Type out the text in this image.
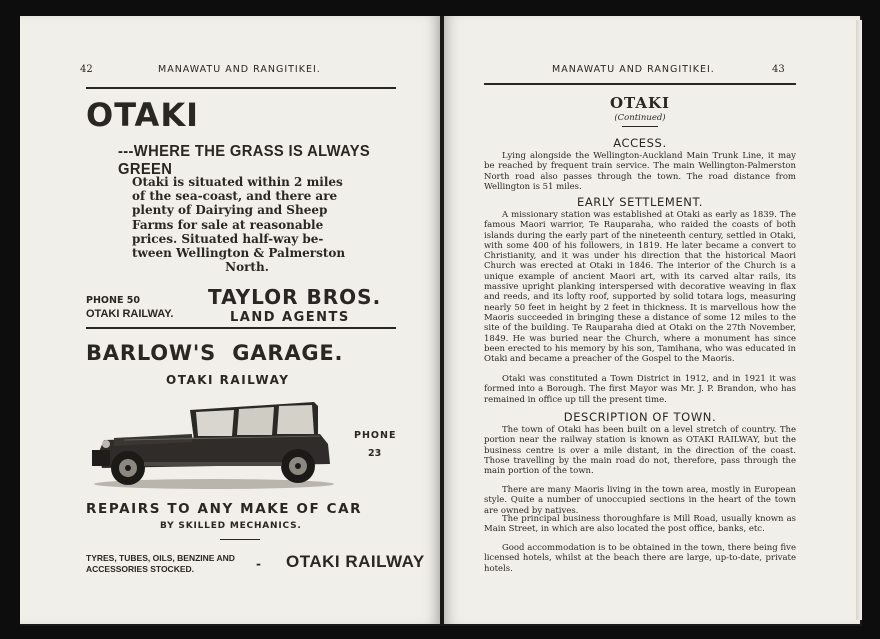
42	MANAWATU AND RANGITIKEI.
OTAKI
---WHERE THE GRASS IS ALWAYS GREEN
Otaki is situated within 2 miles
of the sea-coast, and there are
plenty of Dairying and Sheep
Farms for sale at reasonable
prices. Situated half-way be-
tween Wellington & Palmerston
North.
PHONE 50
OTAKI RAILWAY.
TAYLOR BROS.
LAND AGENTS
BARLOW'S  GARAGE.
OTAKI RAILWAY
PHONE
23
REPAIRS TO ANY MAKE OF CAR
BY SKILLED MECHANICS.
TYRES, TUBES, OILS, BENZINE AND
ACCESSORIES STOCKED.	- OTAKI RAILWAY
MANAWATU AND RANGITIKEI.	43
OTAKI
(Continued)
ACCESS.
Lying alongside the Wellington-Auckland Main Trunk Line, it may be reached by frequent train service. The main Wellington-Palmerston North road also passes through the town. The road distance from Wellington is 51 miles.
EARLY SETTLEMENT.
A missionary station was established at Otaki as early as 1839. The famous Maori warrior, Te Rauparaha, who raided the coasts of both islands during the early part of the nineteenth century, settled in Otaki, with some 400 of his followers, in 1819. He later became a convert to Christianity, and it was under his direction that the historical Maori Church was erected at Otaki in 1846. The interior of the Church is a unique example of ancient Maori art, with its carved altar rails, its massive upright planking interspersed with decorative weaving in flax and reeds, and its lofty roof, supported by solid totara logs, measuring nearly 50 feet in height by 2 feet in thickness. It is marvellous how the Maoris succeeded in bringing these a distance of some 12 miles to the site of the building. Te Rauparaha died at Otaki on the 27th November, 1849. He was buried near the Church, where a monument has since been erected to his memory by his son, Tamihana, who was educated in Otaki and became a preacher of the Gospel to the Maoris.
Otaki was constituted a Town District in 1912, and in 1921 it was formed into a Borough. The first Mayor was Mr. J. P. Brandon, who has remained in office up till the present time.
DESCRIPTION OF TOWN.
The town of Otaki has been built on a level stretch of country. The portion near the railway station is known as OTAKI RAILWAY, but the business centre is over a mile distant, in the direction of the coast. Those travelling by the main road do not, therefore, pass through the main portion of the town.
There are many Maoris living in the town area, mostly in European style. Quite a number of unoccupied sections in the heart of the town are owned by natives.
The principal business thoroughfare is Mill Road, usually known as Main Street, in which are also located the post office, banks, etc.
Good accommodation is to be obtained in the town, there being five licensed hotels, whilst at the beach there are large, up-to-date, private hotels.
